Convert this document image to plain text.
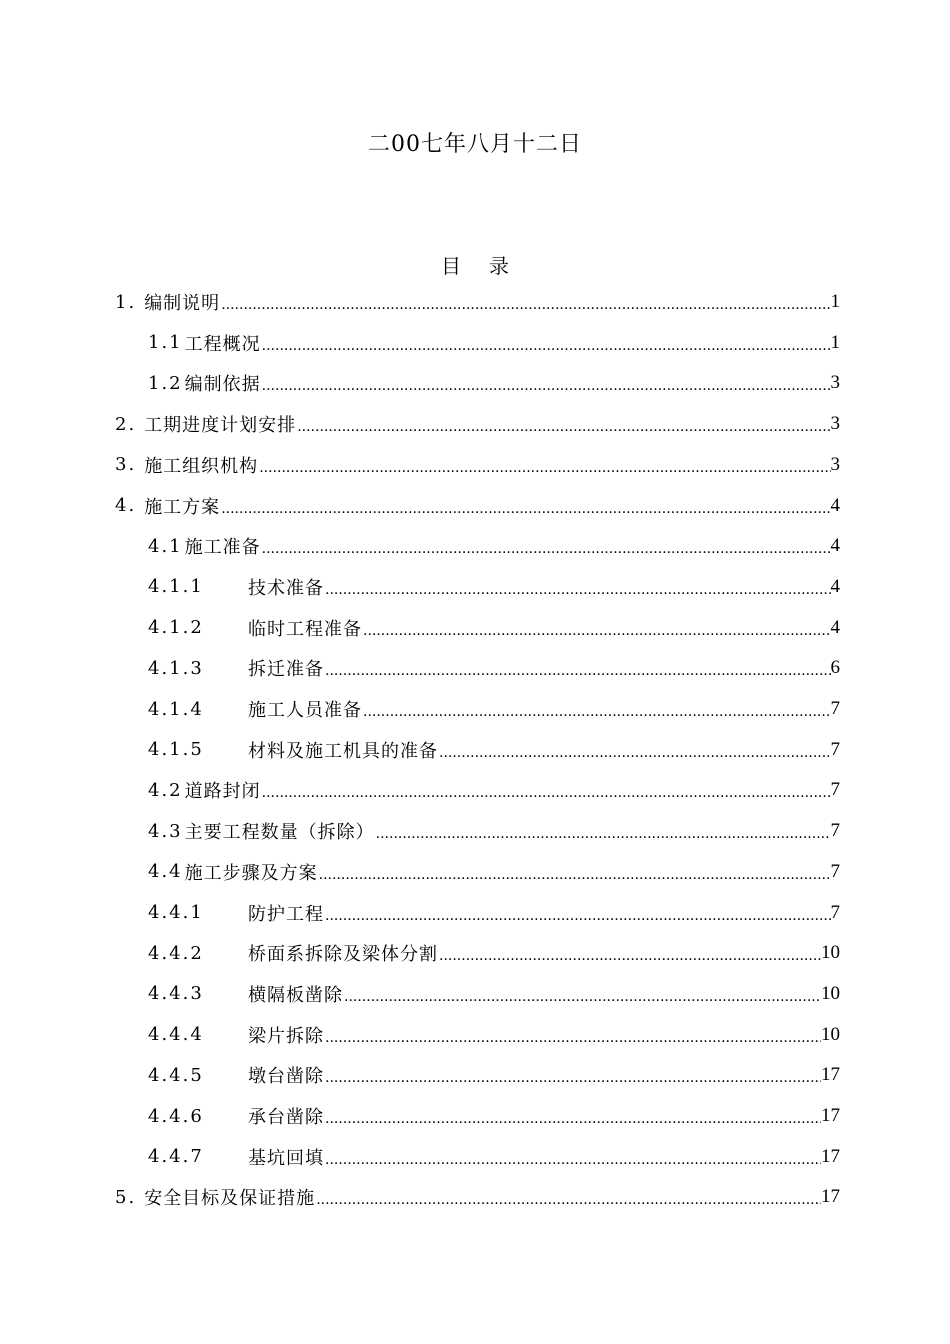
二00七年八月十二日
目录
1. 编制说明 .....	1
1.1 工程概况 .....	1
1.2 编制依据 .....	3
2. 工期进度计划安排 .....	3
3. 施工组织机构 .....	3
4. 施工方案 .....	4
4.1 施工准备 .....	4
4.1.1	技术准备 .....	4
4.1.2	临时工程准备 .....	4
4.1.3	拆迁准备 .....	6
4.1.4	施工人员准备 .....	7
4.1.5	材料及施工机具的准备 .....	7
4.2 道路封闭 .....	7
4.3 主要工程数量（拆除） .....	7
4.4 施工步骤及方案 .....	7
4.4.1	防护工程 .....	7
4.4.2	桥面系拆除及梁体分割 .....	10
4.4.3	横隔板凿除 .....	10
4.4.4	梁片拆除 .....	10
4.4.5	墩台凿除 .....	17
4.4.6	承台凿除 .....	17
4.4.7	基坑回填 .....	17
5. 安全目标及保证措施 .....	17
